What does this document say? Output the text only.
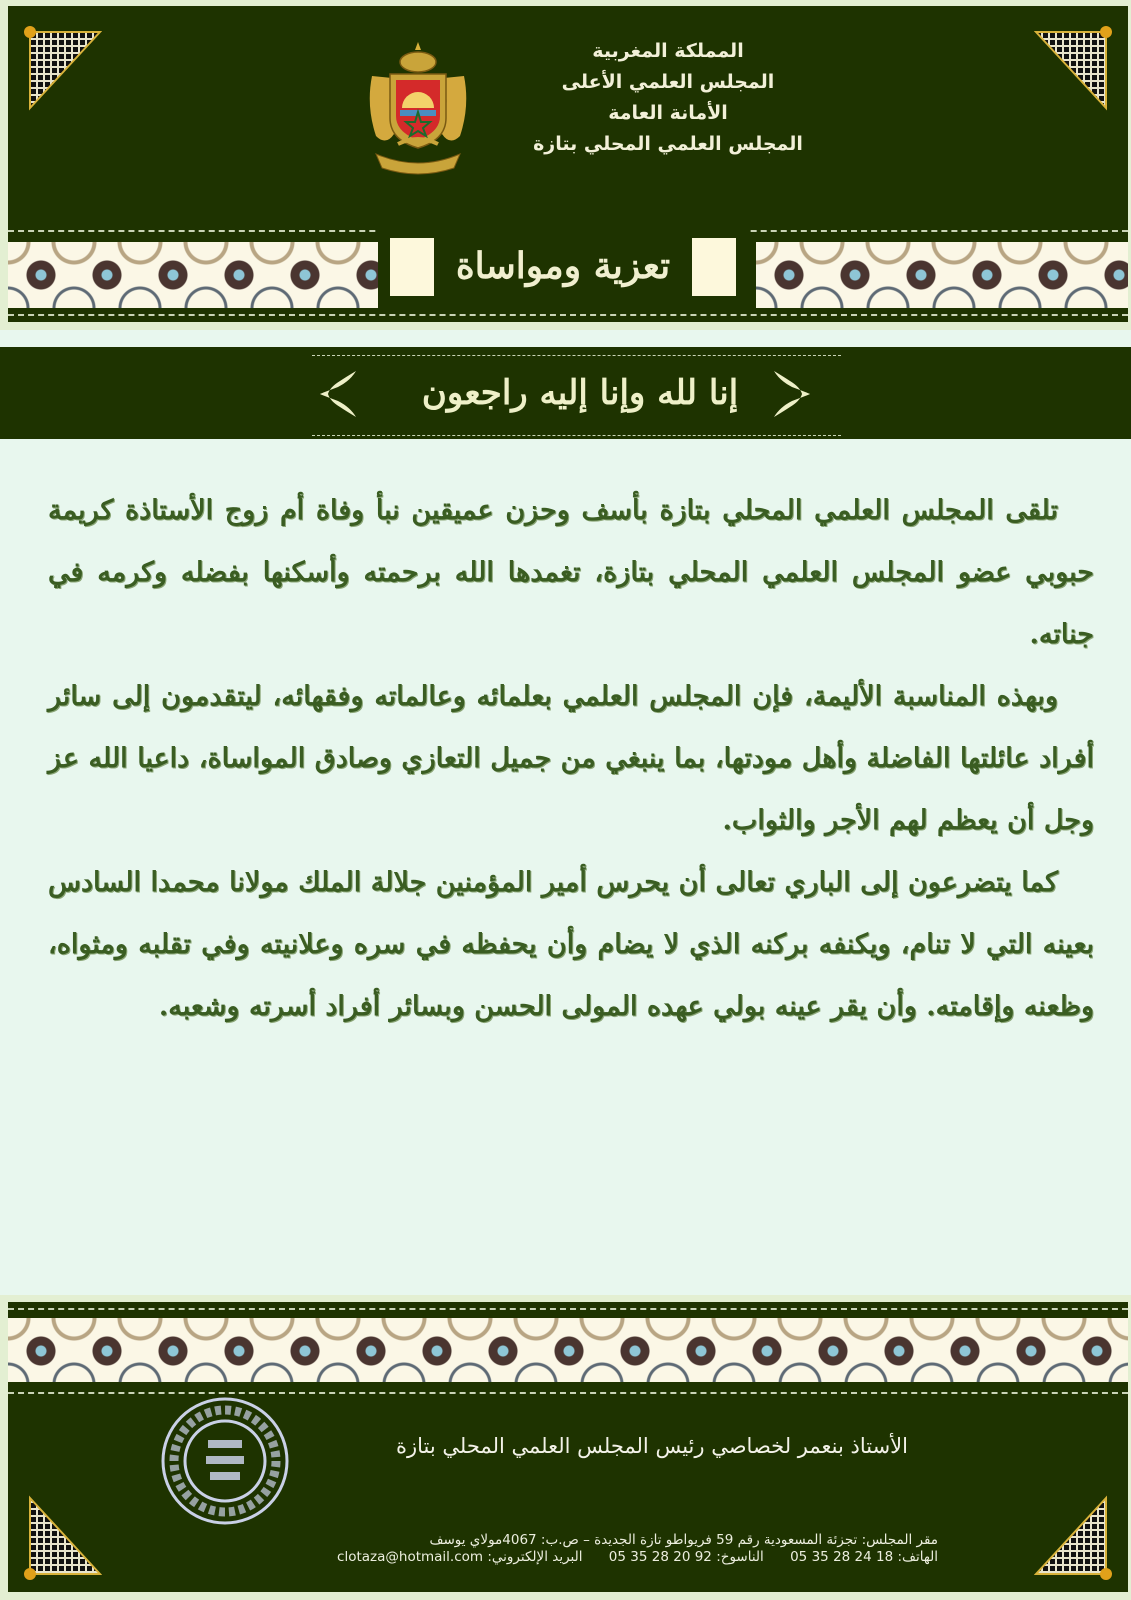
المملكة المغربية
المجلس العلمي الأعلى
الأمانة العامة
المجلس العلمي المحلي بتازة
تعزية ومواساة
إنا لله وإنا إليه راجعون

تلقى المجلس العلمي المحلي بتازة بأسف وحزن عميقين نبأ وفاة أم زوج الأستاذة كريمة حبوبي عضو المجلس العلمي المحلي بتازة، تغمدها الله برحمته وأسكنها بفضله وكرمه في جناته.

وبهذه المناسبة الأليمة، فإن المجلس العلمي بعلمائه وعالماته وفقهائه، ليتقدمون إلى سائر أفراد عائلتها الفاضلة وأهل مودتها، بما ينبغي من جميل التعازي وصادق المواساة، داعيا الله عز وجل أن يعظم لهم الأجر والثواب.

كما يتضرعون إلى الباري تعالى أن يحرس أمير المؤمنين جلالة الملك مولانا محمدا السادس بعينه التي لا تنام، ويكنفه بركنه الذي لا يضام وأن يحفظه في سره وعلانيته وفي تقلبه ومثواه، وظعنه وإقامته. وأن يقر عينه بولي عهده المولى الحسن وبسائر أفراد أسرته وشعبه.

الأستاذ بنعمر لخصاصي رئيس المجلس العلمي المحلي بتازة
مقر المجلس: تجزئة المسعودية رقم 59 فريواطو تازة الجديدة – ص.ب: 4067مولاي يوسف
الهاتف: 18 24 28 35 05 الناسوخ: 92 20 28 35 05 البريد الإلكتروني: clotaza@hotmail.com
